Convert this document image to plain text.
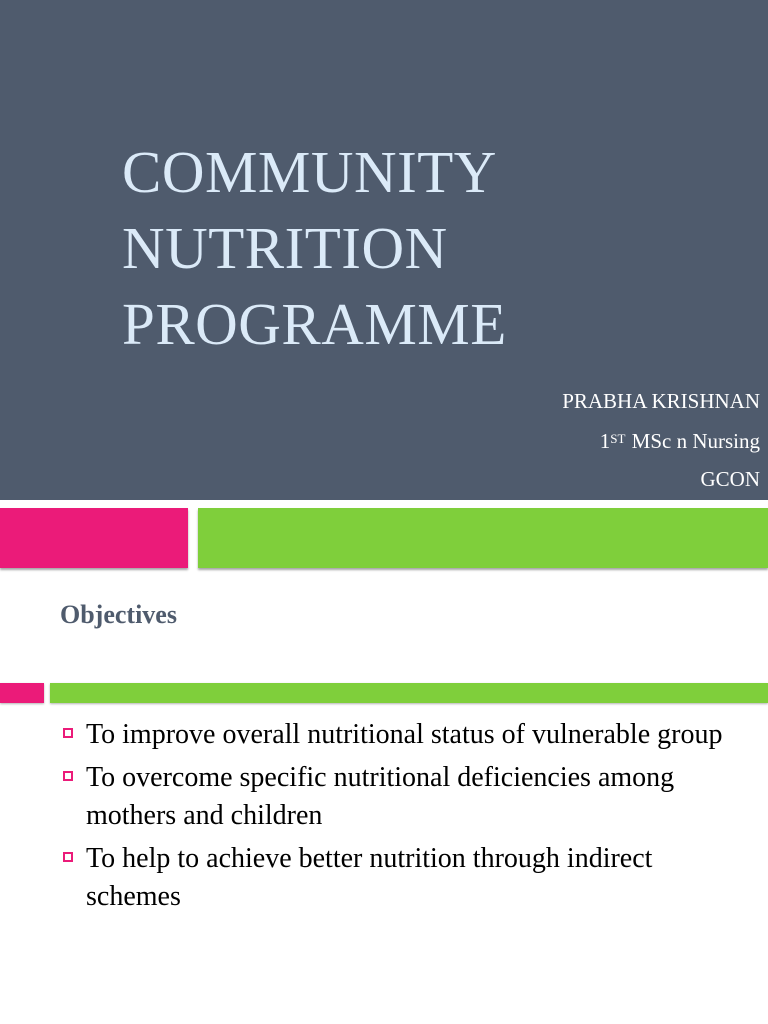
COMMUNITY
NUTRITION
PROGRAMME
PRABHA KRISHNAN
1ST MSc n Nursing
GCON
Objectives
To improve overall nutritional status of vulnerable group
To overcome specific nutritional deficiencies among mothers and children
To help to achieve better nutrition through indirect schemes
